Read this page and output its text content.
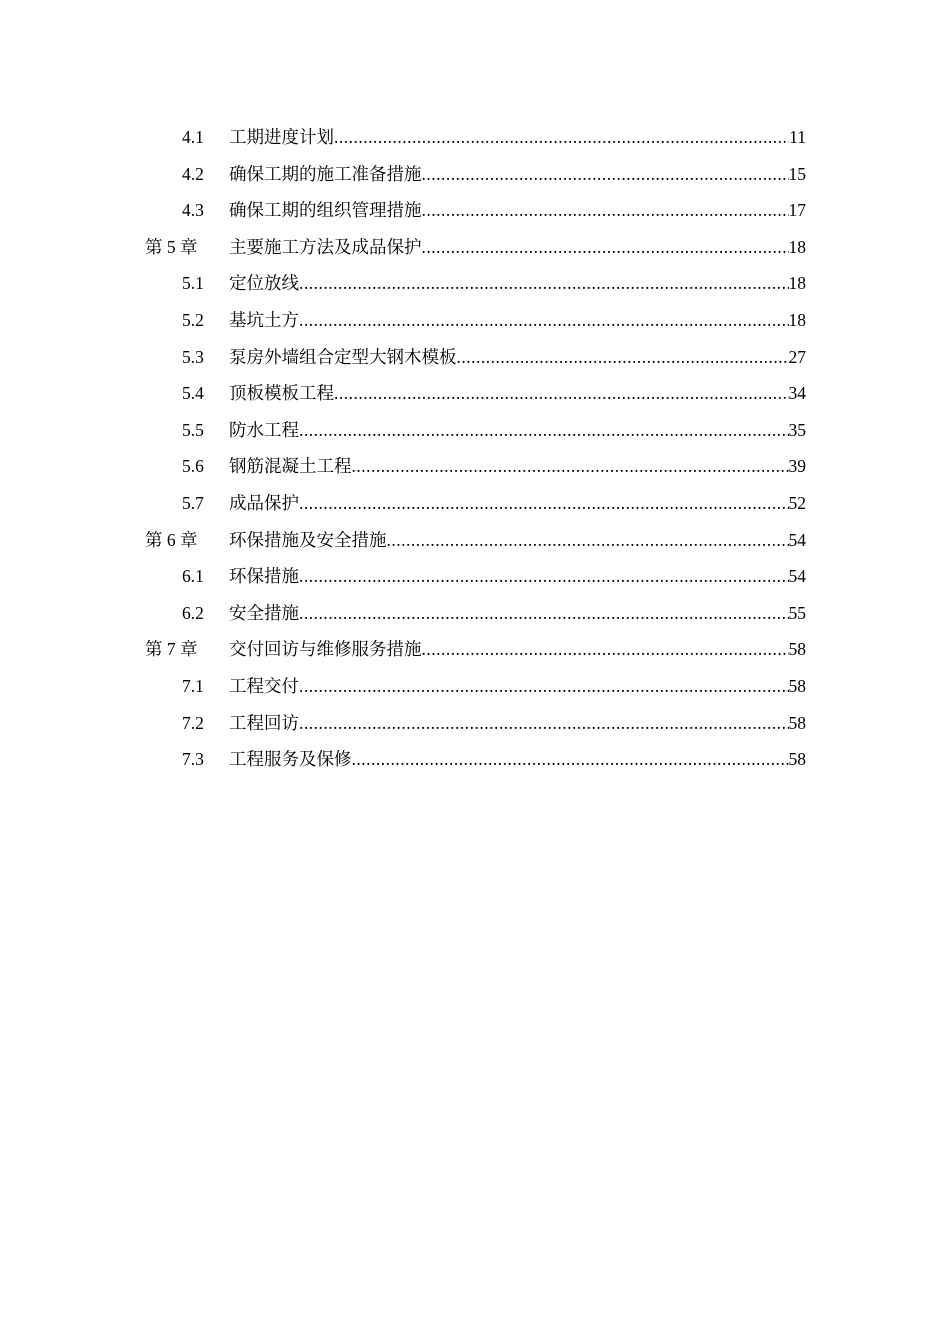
4.1 工期进度计划 .....	11
4.2 确保工期的施工准备措施 .....	15
4.3 确保工期的组织管理措施 .....	17
第 5 章 主要施工方法及成品保护 .....	18
5.1 定位放线 .....	18
5.2 基坑土方 .....	18
5.3 泵房外墙组合定型大钢木模板 .....	27
5.4 顶板模板工程 .....	34
5.5 防水工程 .....	35
5.6 钢筋混凝土工程 .....	39
5.7 成品保护 .....	52
第 6 章 环保措施及安全措施 .....	54
6.1 环保措施 .....	54
6.2 安全措施 .....	55
第 7 章 交付回访与维修服务措施 .....	58
7.1 工程交付 .....	58
7.2 工程回访 .....	58
7.3 工程服务及保修 .....	58
